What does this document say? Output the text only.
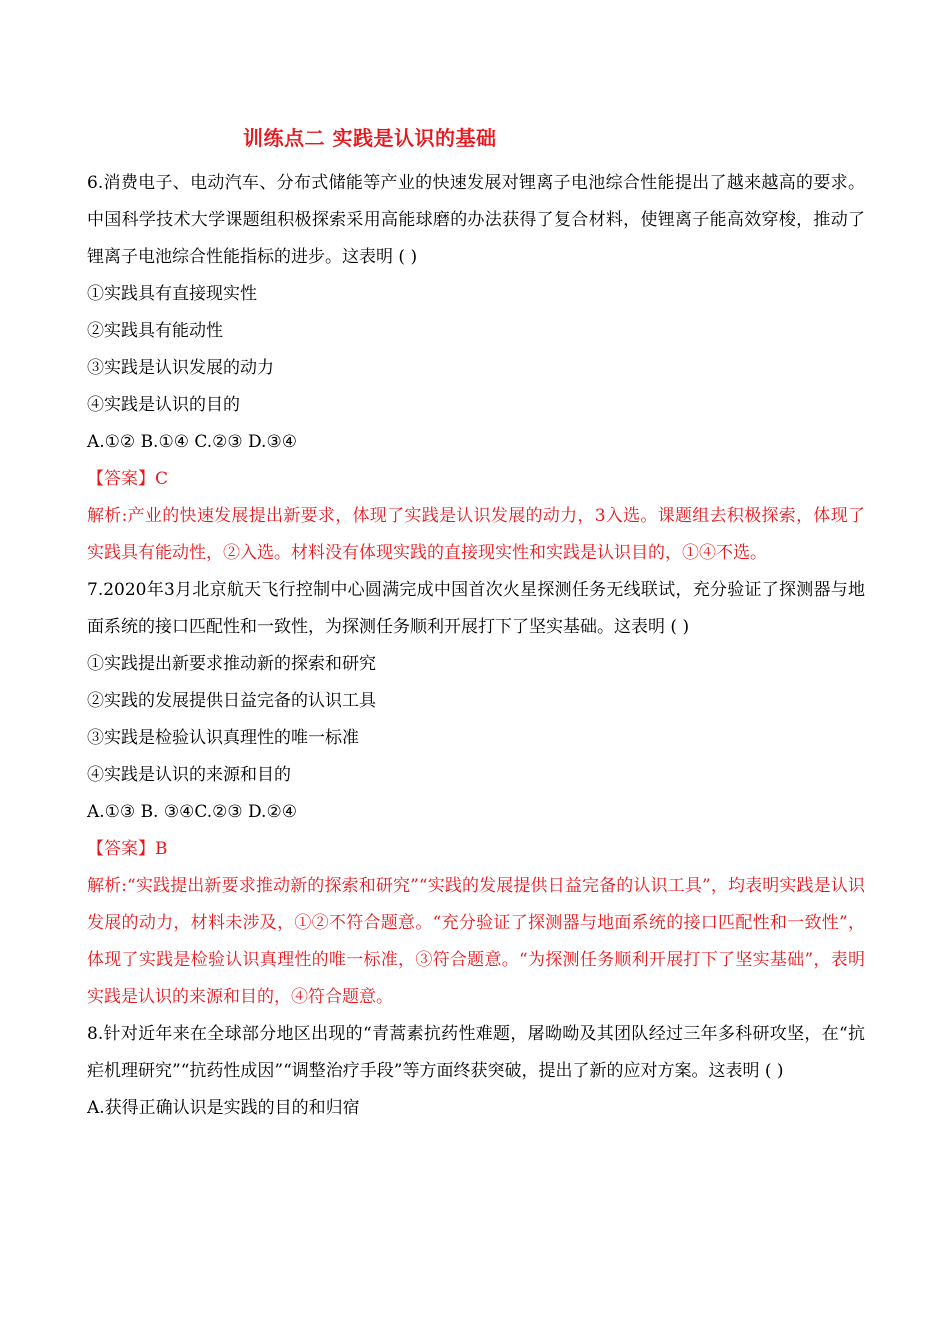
训练点二 实践是认识的基础

6.消费电子、电动汽车、分布式储能等产业的快速发展对锂离子电池综合性能提出了越来越高的要求。中国科学技术大学课题组积极探索采用高能球磨的办法获得了复合材料，使锂离子能高效穿梭，推动了锂离子电池综合性能指标的进步。这表明 ( )

①实践具有直接现实性

②实践具有能动性

③实践是认识发展的动力

④实践是认识的目的

A.①② B.①④ C.②③ D.③④

【答案】C

解析:产业的快速发展提出新要求，体现了实践是认识发展的动力，3入选。课题组去积极探索，体现了实践具有能动性，②入选。材料没有体现实践的直接现实性和实践是认识目的，①④不选。

7.2020年3月北京航天飞行控制中心圆满完成中国首次火星探测任务无线联试，充分验证了探测器与地面系统的接口匹配性和一致性，为探测任务顺利开展打下了坚实基础。这表明 ( )

①实践提出新要求推动新的探索和研究

②实践的发展提供日益完备的认识工具

③实践是检验认识真理性的唯一标准

④实践是认识的来源和目的

A.①③ B. ③④C.②③ D.②④

【答案】B

解析:“实践提出新要求推动新的探索和研究”“实践的发展提供日益完备的认识工具”，均表明实践是认识发展的动力，材料未涉及，①②不符合题意。“充分验证了探测器与地面系统的接口匹配性和一致性”，体现了实践是检验认识真理性的唯一标准，③符合题意。“为探测任务顺利开展打下了坚实基础”，表明实践是认识的来源和目的，④符合题意。

8.针对近年来在全球部分地区出现的“青蒿素抗药性难题，屠呦呦及其团队经过三年多科研攻坚，在“抗疟机理研究”“抗药性成因”“调整治疗手段”等方面终获突破，提出了新的应对方案。这表明 ( )

A.获得正确认识是实践的目的和归宿
